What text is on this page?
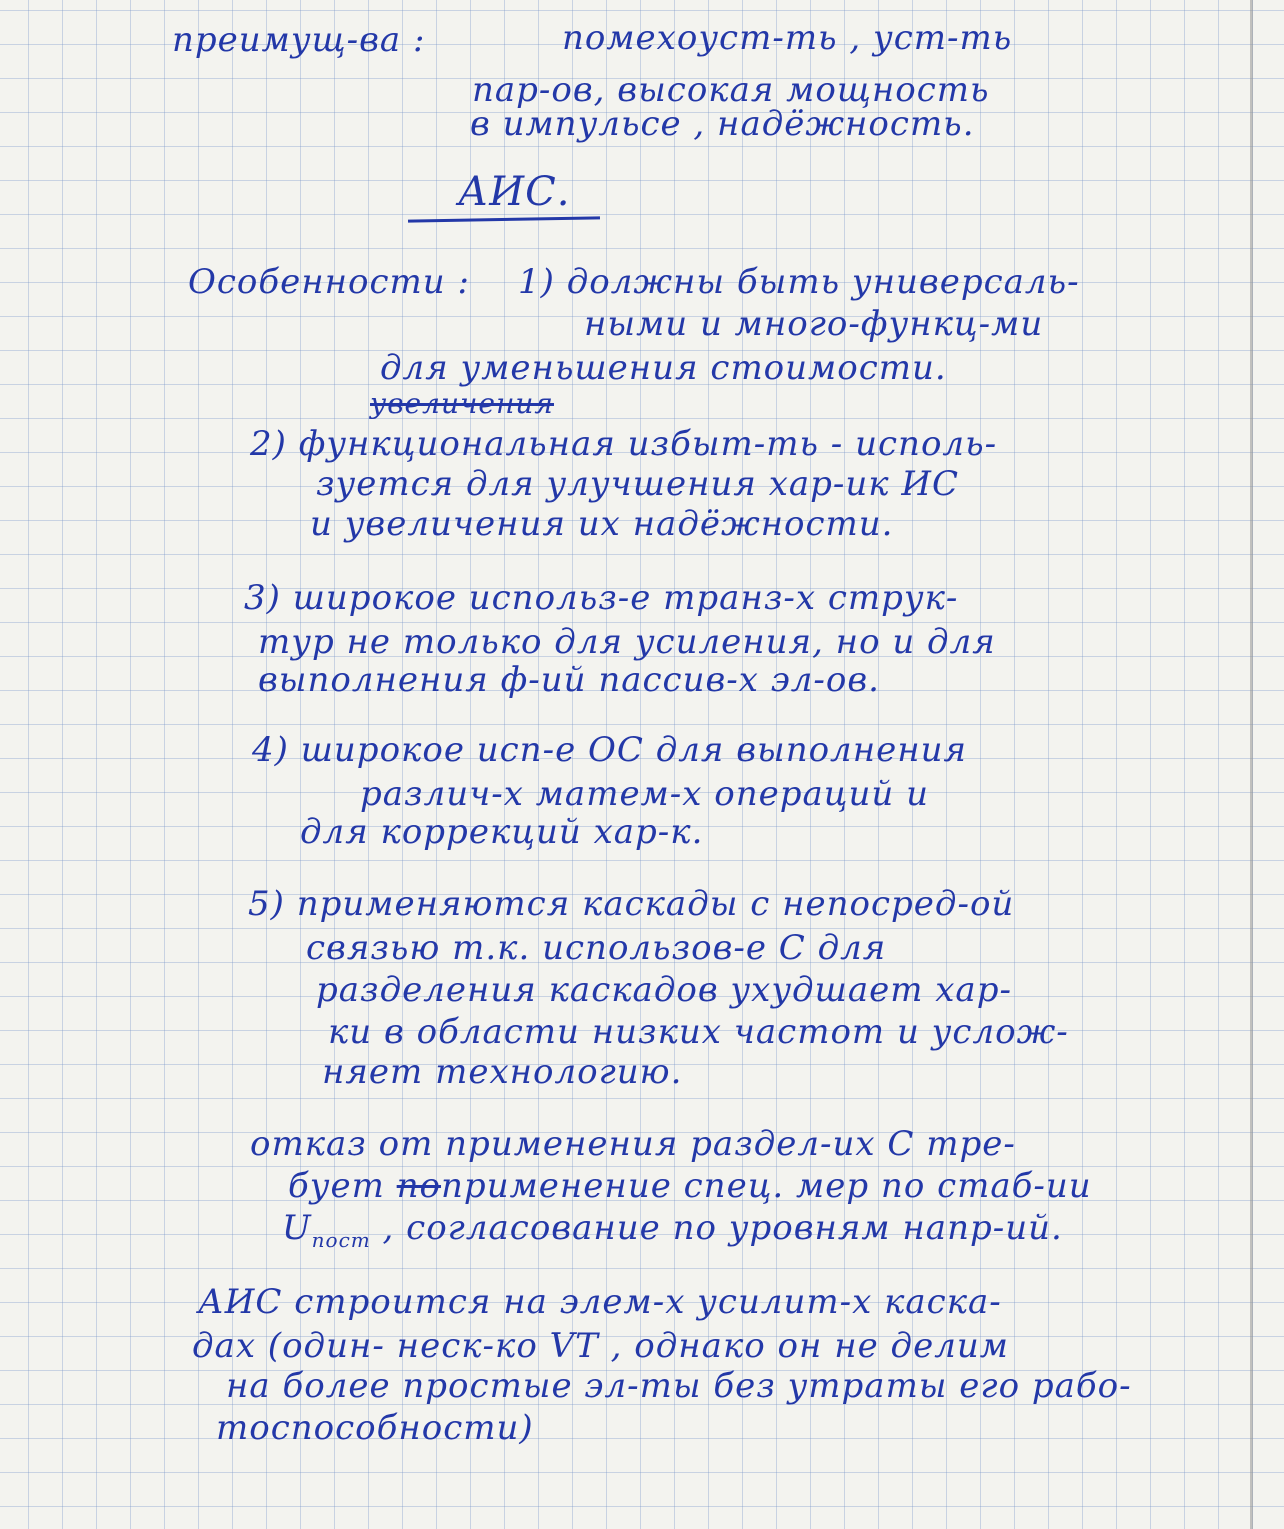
преимущ-ва :	помехоуст-ть , уст-ть
пар-ов, высокая мощность
в импульсе , надёжность.
АИС.
Особенности : 1) должны быть универсаль-
ными и много-функц-ми
для уменьшения стоимости.
увеличения
2) функциональная избыт-ть - исполь-
зуется для улучшения хар-ик ИС
и увеличения их надёжности.
3) широкое использ-е транз-х струк-
тур не только для усиления, но и для
выполнения ф-ий пассив-х эл-ов.
4) широкое исп-е ОС для выполнения
различ-х матем-х операций и
для коррекций хар-к.
5) применяются каскады с непосред-ой
связью т.к. использов-е С для
разделения каскадов ухудшает хар-
ки в области низких частот и услож-
няет технологию.
отказ от применения раздел-их С тре-
бует поприменение спец. мер по стаб-ии
$U_{пост}$ , согласование по уровням напр-ий.
АИС строится на элем-х усилит-х каска-
дах (один- неск-ко VT , однако он не делим
на более простые эл-ты без утраты его рабо-
тоспособности)
